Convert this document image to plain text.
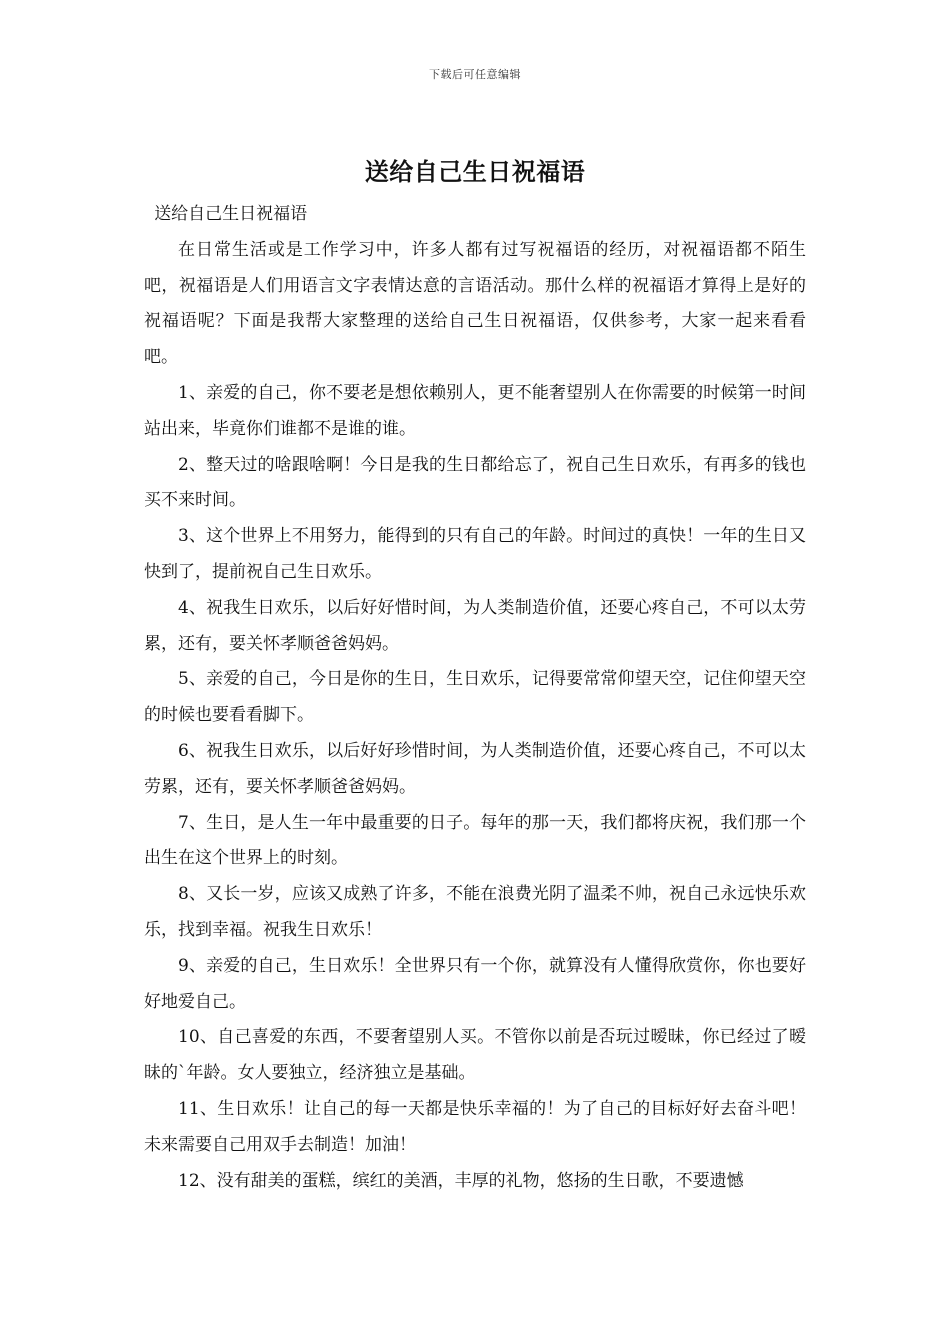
下载后可任意编辑
送给自己生日祝福语

送给自己生日祝福语

在日常生活或是工作学习中，许多人都有过写祝福语的经历，对祝福语都不陌生吧，祝福语是人们用语言文字表情达意的言语活动。那什么样的祝福语才算得上是好的祝福语呢？下面是我帮大家整理的送给自己生日祝福语，仅供参考，大家一起来看看吧。

1、亲爱的自己，你不要老是想依赖别人，更不能奢望别人在你需要的时候第一时间站出来，毕竟你们谁都不是谁的谁。

2、整天过的啥跟啥啊！今日是我的生日都给忘了，祝自己生日欢乐，有再多的钱也买不来时间。

3、这个世界上不用努力，能得到的只有自己的年龄。时间过的真快！一年的生日又快到了，提前祝自己生日欢乐。

4、祝我生日欢乐，以后好好惜时间，为人类制造价值，还要心疼自己，不可以太劳累，还有，要关怀孝顺爸爸妈妈。

5、亲爱的自己，今日是你的生日，生日欢乐，记得要常常仰望天空，记住仰望天空的时候也要看看脚下。

6、祝我生日欢乐，以后好好珍惜时间，为人类制造价值，还要心疼自己，不可以太劳累，还有，要关怀孝顺爸爸妈妈。

7、生日，是人生一年中最重要的日子。每年的那一天，我们都将庆祝，我们那一个出生在这个世界上的时刻。

8、又长一岁，应该又成熟了许多，不能在浪费光阴了温柔不帅，祝自己永远快乐欢乐，找到幸福。祝我生日欢乐！

9、亲爱的自己，生日欢乐！全世界只有一个你，就算没有人懂得欣赏你，你也要好好地爱自己。

10、自己喜爱的东西，不要奢望别人买。不管你以前是否玩过暧昧，你已经过了暧昧的`年龄。女人要独立，经济独立是基础。

11、生日欢乐！让自己的每一天都是快乐幸福的！为了自己的目标好好去奋斗吧！未来需要自己用双手去制造！加油！

12、没有甜美的蛋糕，缤红的美酒，丰厚的礼物，悠扬的生日歌，不要遗憾
